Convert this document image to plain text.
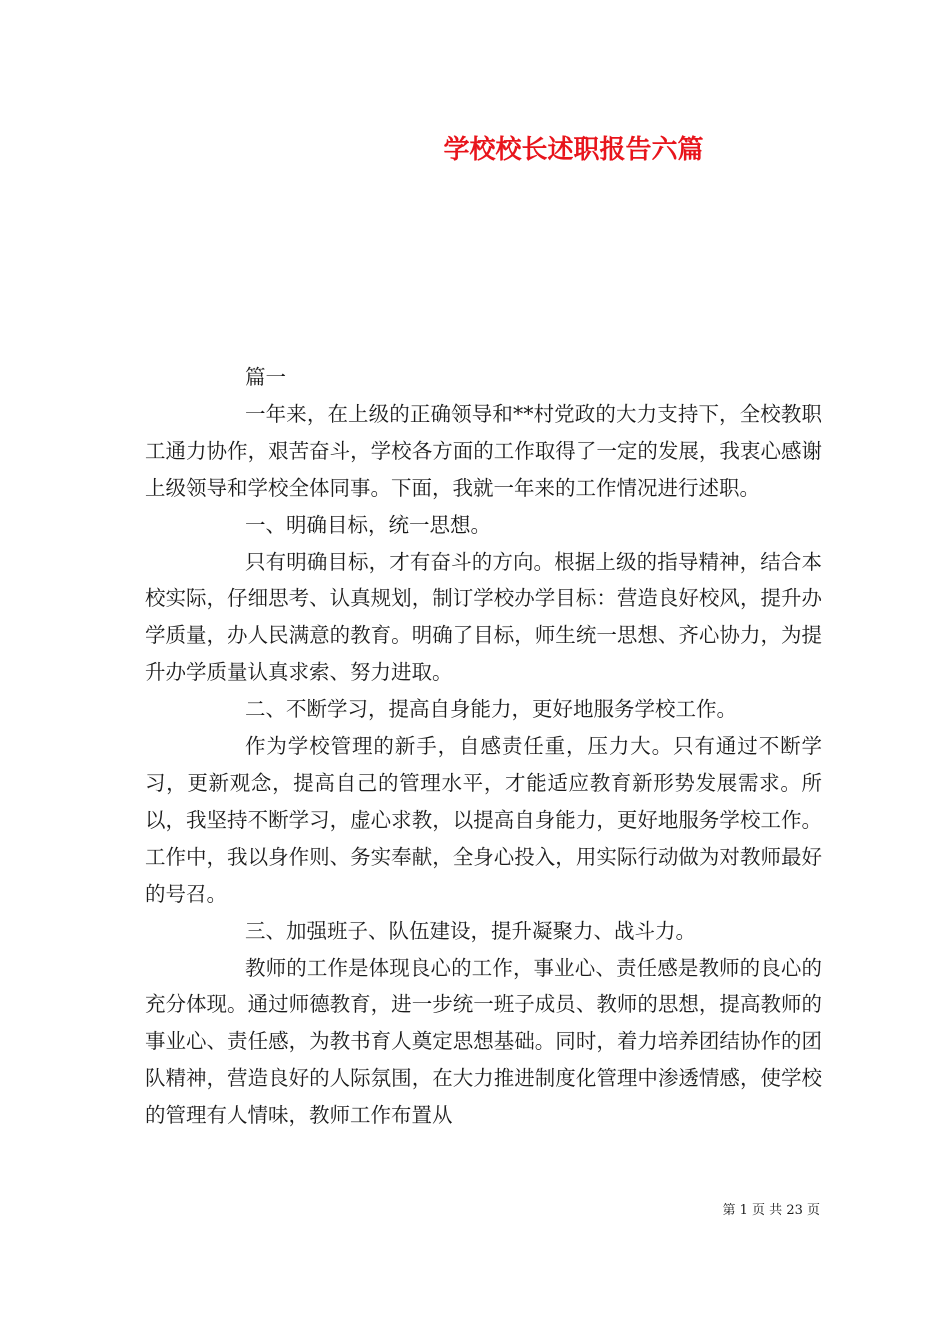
学校校长述职报告六篇

篇一

一年来，在上级的正确领导和**村党政的大力支持下，全校教职工通力协作，艰苦奋斗，学校各方面的工作取得了一定的发展，我衷心感谢上级领导和学校全体同事。下面，我就一年来的工作情况进行述职。

一、明确目标，统一思想。

只有明确目标，才有奋斗的方向。根据上级的指导精神，结合本校实际，仔细思考、认真规划，制订学校办学目标：营造良好校风，提升办学质量，办人民满意的教育。明确了目标，师生统一思想、齐心协力，为提升办学质量认真求索、努力进取。

二、不断学习，提高自身能力，更好地服务学校工作。

作为学校管理的新手，自感责任重，压力大。只有通过不断学习，更新观念，提高自己的管理水平，才能适应教育新形势发展需求。所以，我坚持不断学习，虚心求教，以提高自身能力，更好地服务学校工作。工作中，我以身作则、务实奉献，全身心投入，用实际行动做为对教师最好的号召。

三、加强班子、队伍建设，提升凝聚力、战斗力。

教师的工作是体现良心的工作，事业心、责任感是教师的良心的充分体现。通过师德教育，进一步统一班子成员、教师的思想，提高教师的事业心、责任感，为教书育人奠定思想基础。同时，着力培养团结协作的团队精神，营造良好的人际氛围，在大力推进制度化管理中渗透情感，使学校的管理有人情味，教师工作布置从

第 1 页 共 23 页
